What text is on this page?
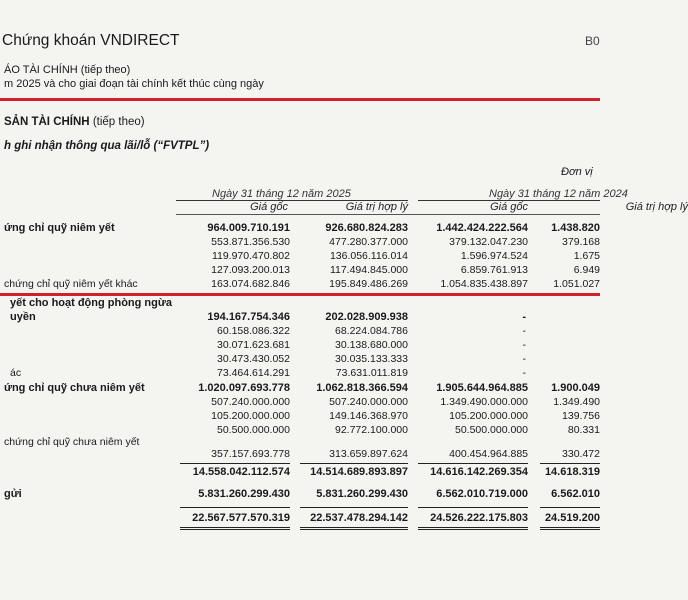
Chứng khoán VNDIRECT	B0
ÁO TÀI CHÍNH (tiếp theo)
m 2025 và cho giai đoạn tài chính kết thúc cùng ngày
SẢN TÀI CHÍNH (tiếp theo)
h ghi nhận thông qua lãi/lỗ (“FVTPL”)
Đơn vị
Ngày 31 tháng 12 năm 2025	Ngày 31 tháng 12 năm 2024
Giá gốc	Giá trị hợp lý	Giá gốc	Giá trị hợp lý
ứng chỉ quỹ niêm yết	964.009.710.191	926.680.824.283	1.442.424.222.564	1.438.820
553.871.356.530	477.280.377.000	379.132.047.230	379.168
119.970.470.802	136.056.116.014	1.596.974.524	1.675
127.093.200.013	117.494.845.000	6.859.761.913	6.949
chứng chỉ quỹ niêm yết khác	163.074.682.846	195.849.486.269	1.054.835.438.897	1.051.027
yết cho hoạt động phòng ngừa
uyền	194.167.754.346	202.028.909.938	-
60.158.086.322	68.224.084.786	-
30.071.623.681	30.138.680.000	-
30.473.430.052	30.035.133.333	-
ác	73.464.614.291	73.631.011.819	-
ứng chỉ quỹ chưa niêm yết	1.020.097.693.778	1.062.818.366.594	1.905.644.964.885	1.900.049
507.240.000.000	507.240.000.000	1.349.490.000.000	1.349.490
105.200.000.000	149.146.368.970	105.200.000.000	139.756
50.500.000.000	92.772.100.000	50.500.000.000	80.331
chứng chỉ quỹ chưa niêm yết
357.157.693.778	313.659.897.624	400.454.964.885	330.472
14.558.042.112.574	14.514.689.893.897	14.616.142.269.354	14.618.319
gửi	5.831.260.299.430	5.831.260.299.430	6.562.010.719.000	6.562.010
22.567.577.570.319	22.537.478.294.142	24.526.222.175.803	24.519.200
